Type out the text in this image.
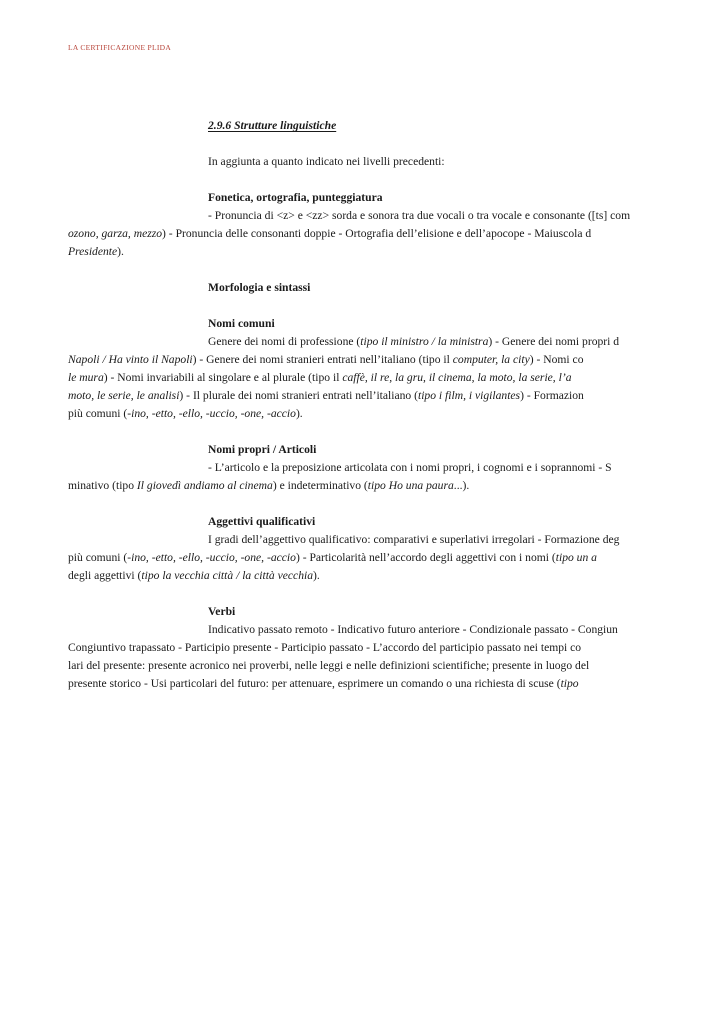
LA CERTIFICAZIONE PLIDA
2.9.6 Strutture linguistiche
In aggiunta a quanto indicato nei livelli precedenti:
Fonetica, ortografia, punteggiatura
- Pronuncia di <z> e <zz> sorda e sonora tra due vocali o tra vocale e consonante ([ts] com
ozono, garza, mezzo) - Pronuncia delle consonanti doppie - Ortografia dell’elisione e dell’apocope - Maiuscola d
Presidente).
Morfologia e sintassi
Nomi comuni
Genere dei nomi di professione (tipo il ministro / la ministra) - Genere dei nomi propri d
Napoli / Ha vinto il Napoli) - Genere dei nomi stranieri entrati nell’italiano (tipo il computer, la city) - Nomi co
le mura) - Nomi invariabili al singolare e al plurale (tipo il caffè, il re, la gru, il cinema, la moto, la serie, l’a
moto, le serie, le analisi) - Il plurale dei nomi stranieri entrati nell’italiano (tipo i film, i vigilantes) - Formazion
più comuni (-ino, -etto, -ello, -uccio, -one, -accio).
Nomi propri / Articoli
- L’articolo e la preposizione articolata con i nomi propri, i cognomi e i soprannomi - S
minativo (tipo Il giovedì andiamo al cinema) e indeterminativo (tipo Ho una paura...).
Aggettivi qualificativi
I gradi dell’aggettivo qualificativo: comparativi e superlativi irregolari - Formazione deg
più comuni (-ino, -etto, -ello, -uccio, -one, -accio) - Particolarità nell’accordo degli aggettivi con i nomi (tipo un a
degli aggettivi (tipo la vecchia città / la città vecchia).
Verbi
Indicativo passato remoto - Indicativo futuro anteriore - Condizionale passato - Congiun
Congiuntivo trapassato - Participio presente - Participio passato - L’accordo del participio passato nei tempi co
lari del presente: presente acronico nei proverbi, nelle leggi e nelle definizioni scientifiche; presente in luogo del
presente storico - Usi particolari del futuro: per attenuare, esprimere un comando o una richiesta di scuse (tipo
